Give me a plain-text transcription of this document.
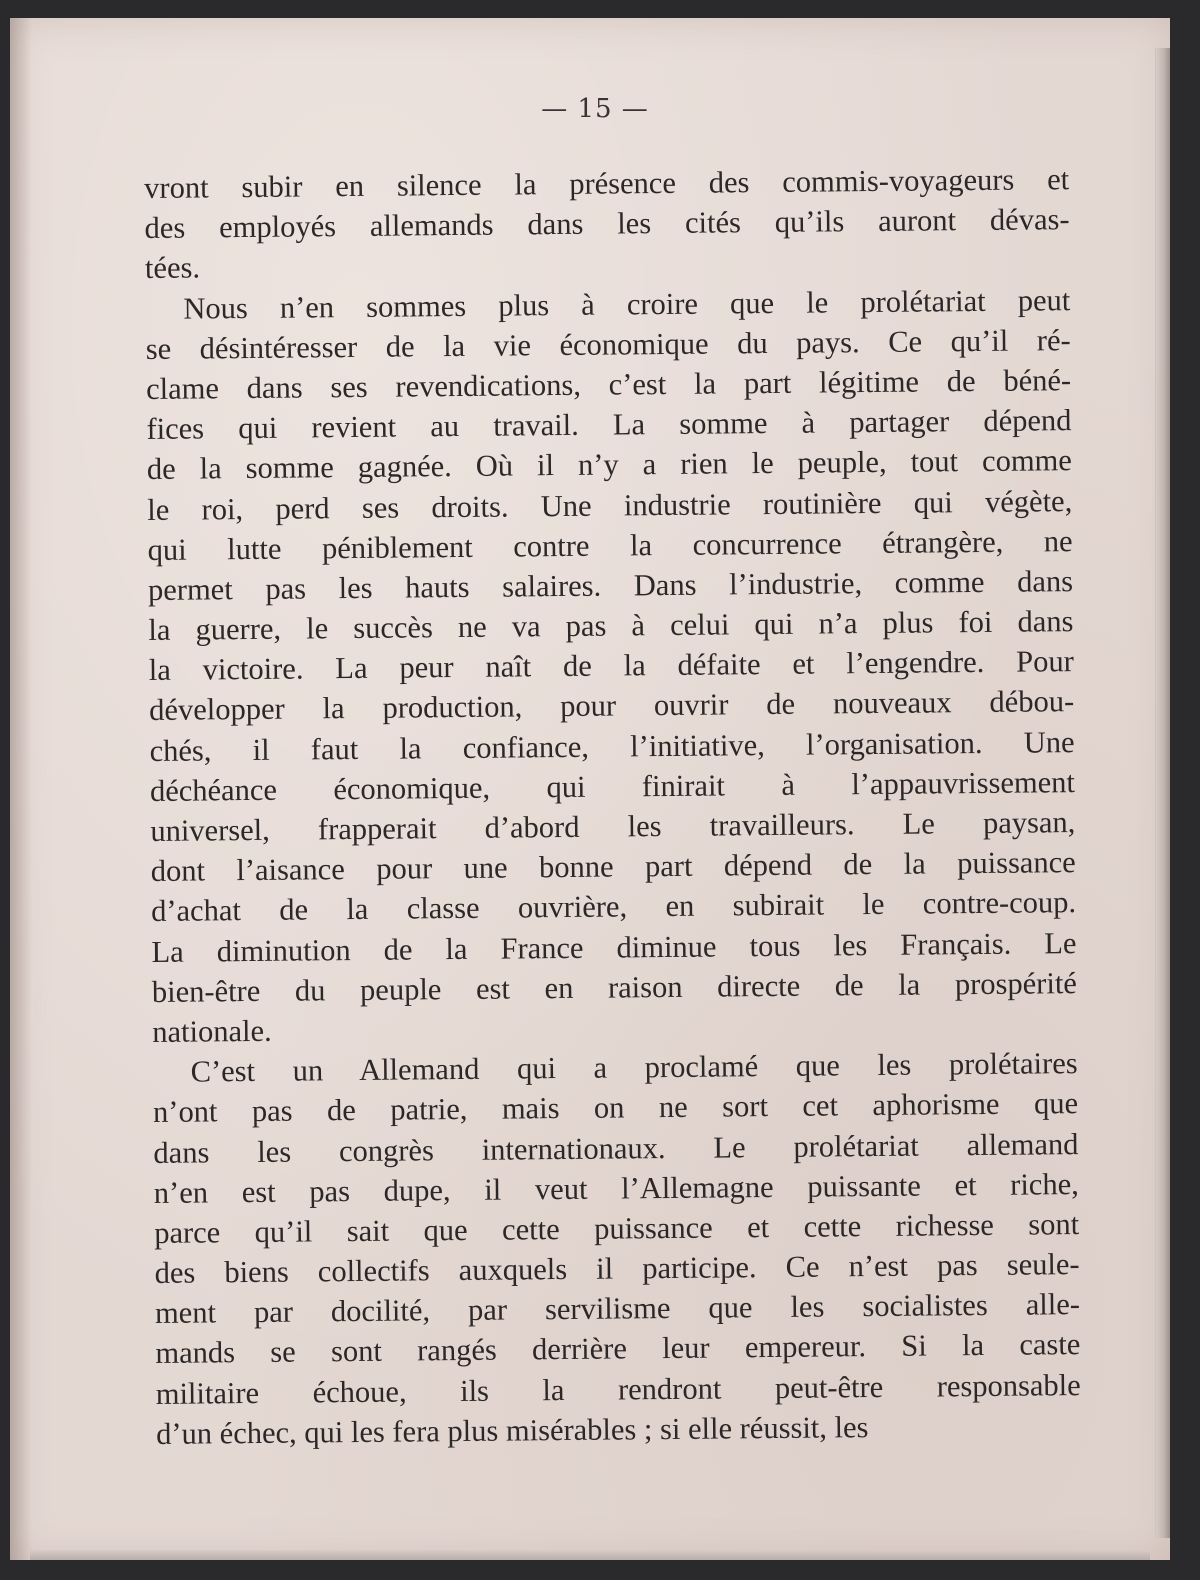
— 15 —
vront subir en silence la présence des commis-voyageurs et
des employés allemands dans les cités qu’ils auront dévas-
tées.
Nous n’en sommes plus à croire que le prolétariat peut
se désintéresser de la vie économique du pays. Ce qu’il ré-
clame dans ses revendications, c’est la part légitime de béné-
fices qui revient au travail. La somme à partager dépend
de la somme gagnée. Où il n’y a rien le peuple, tout comme
le roi, perd ses droits. Une industrie routinière qui végète,
qui lutte péniblement contre la concurrence étrangère, ne
permet pas les hauts salaires. Dans l’industrie, comme dans
la guerre, le succès ne va pas à celui qui n’a plus foi dans
la victoire. La peur naît de la défaite et l’engendre. Pour
développer la production, pour ouvrir de nouveaux débou-
chés, il faut la confiance, l’initiative, l’organisation. Une
déchéance économique, qui finirait à l’appauvrissement
universel, frapperait d’abord les travailleurs. Le paysan,
dont l’aisance pour une bonne part dépend de la puissance
d’achat de la classe ouvrière, en subirait le contre-coup.
La diminution de la France diminue tous les Français. Le
bien-être du peuple est en raison directe de la prospérité
nationale.
C’est un Allemand qui a proclamé que les prolétaires
n’ont pas de patrie, mais on ne sort cet aphorisme que
dans les congrès internationaux. Le prolétariat allemand
n’en est pas dupe, il veut l’Allemagne puissante et riche,
parce qu’il sait que cette puissance et cette richesse sont
des biens collectifs auxquels il participe. Ce n’est pas seule-
ment par docilité, par servilisme que les socialistes alle-
mands se sont rangés derrière leur empereur. Si la caste
militaire échoue, ils la rendront peut-être responsable
d’un échec, qui les fera plus misérables ; si elle réussit, les
